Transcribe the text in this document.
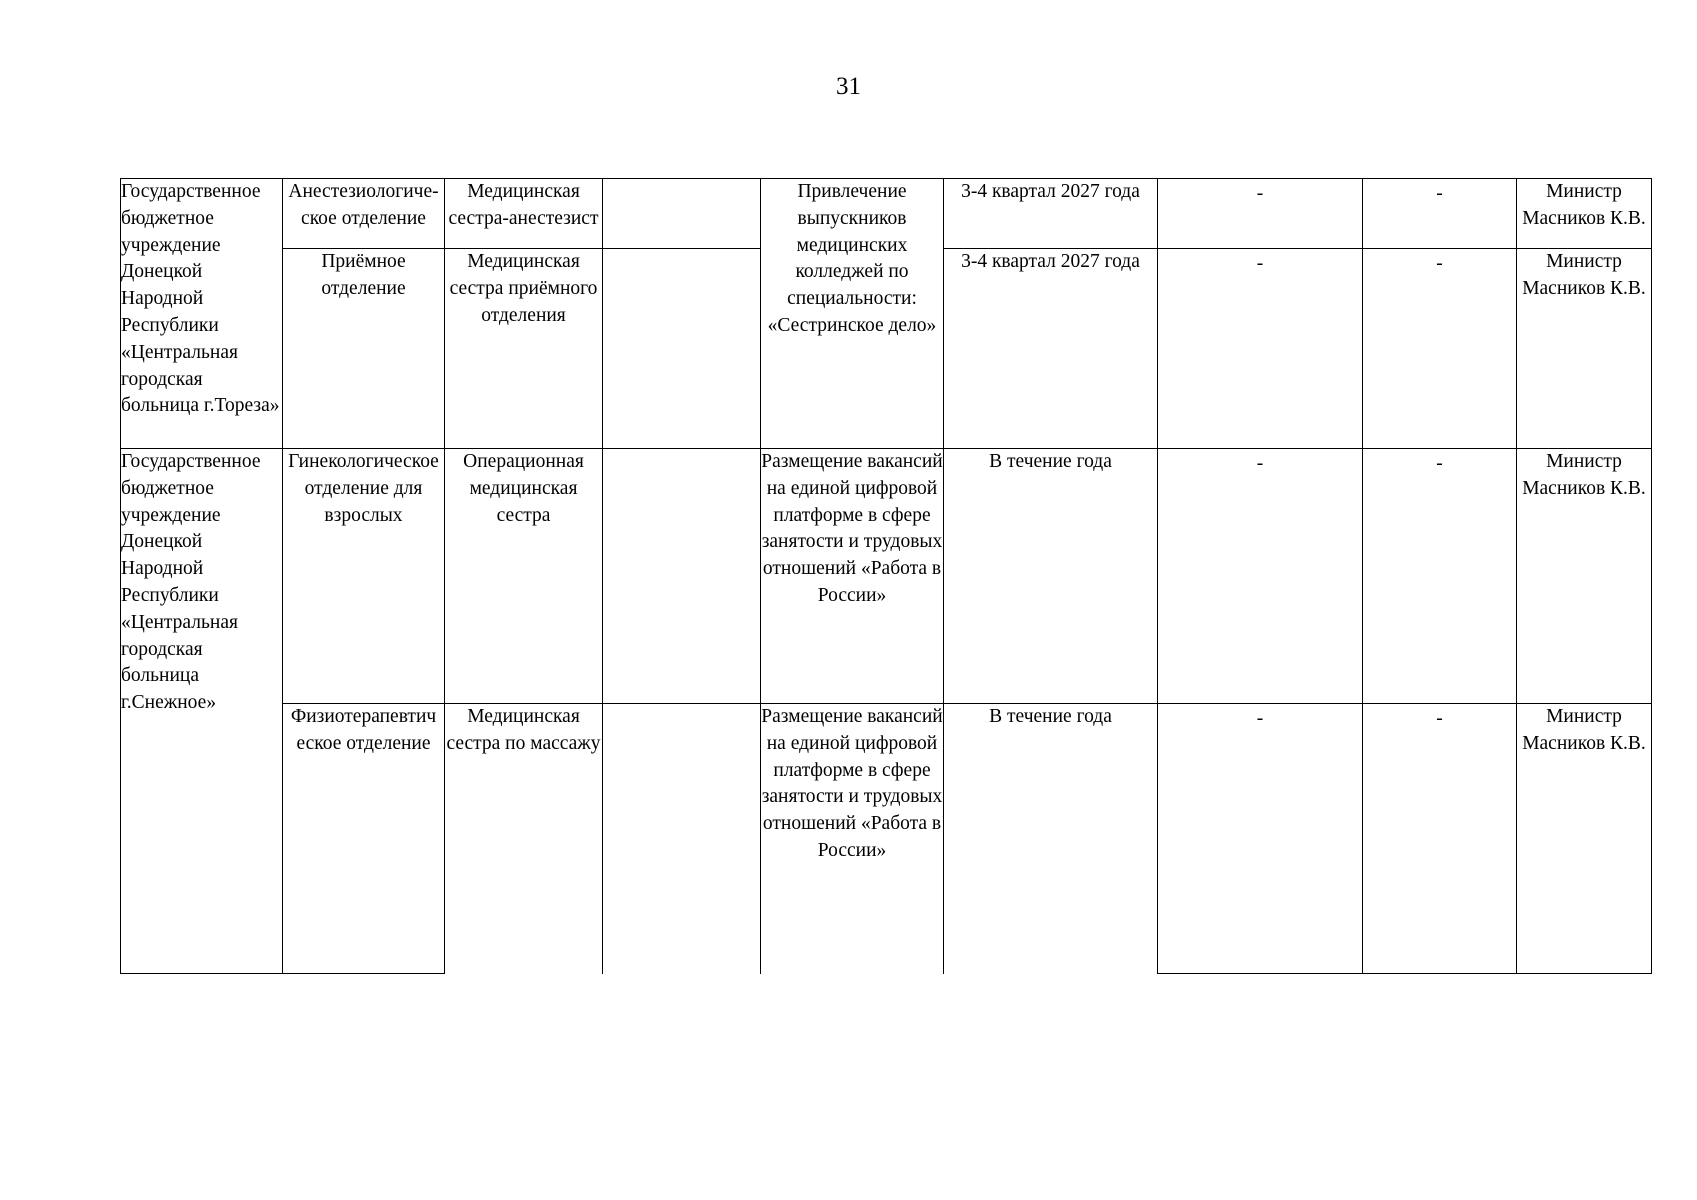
31
Государственное бюджетное учреждение Донецкой Народной Республики «Центральная городская больница г.Тореза»	Анестезиологиче-ское отделение	Медицинская сестра-анестезист		Привлечение выпускников медицинских колледжей по специальности: «Сестринское дело»	3-4 квартал 2027 года	-	-	Министр Масников К.В.

	Приёмное отделение	Медицинская сестра приёмного отделения			3-4 квартал 2027 года	-	-	Министр Масников К.В.

Государственное бюджетное учреждение Донецкой Народной Республики «Центральная городская больница г.Снежное»	Гинекологическое отделение для взрослых	Операционная медицинская сестра		Размещение вакансий на единой цифровой платформе в сфере занятости и трудовых отношений «Работа в России»	В течение года	-	-	Министр Масников К.В.

	Физиотерапевтич еское отделение	Медицинская сестра по массажу		Размещение вакансий на единой цифровой платформе в сфере занятости и трудовых отношений «Работа в России»	В течение года	-	-	Министр Масников К.В.
